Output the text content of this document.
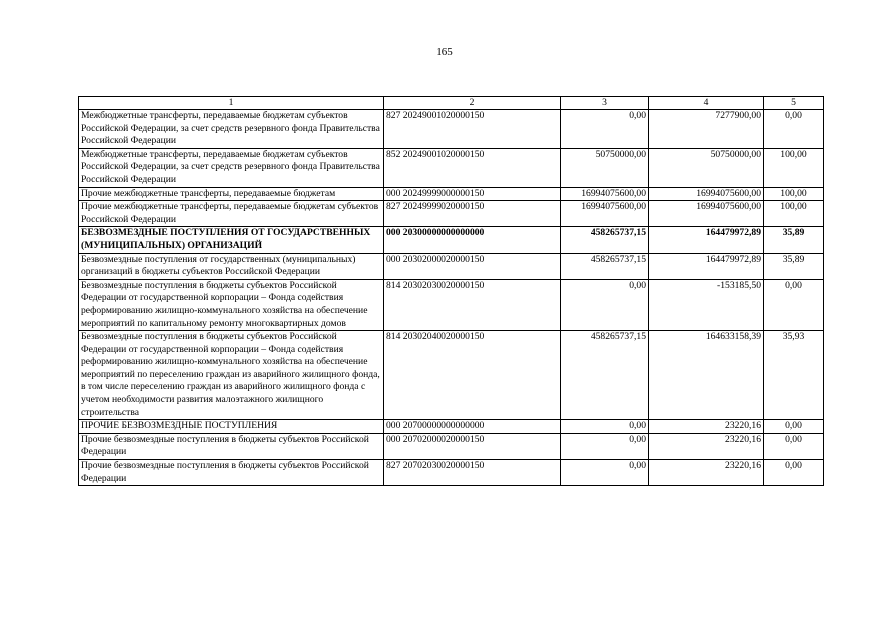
165
1	2	3	4	5
Межбюджетные трансферты, передаваемые бюджетам субъектов Российской Федерации, за счет средств резервного фонда Правительства Российской Федерации	827 20249001020000150	0,00	7277900,00	0,00
Межбюджетные трансферты, передаваемые бюджетам субъектов Российской Федерации, за счет средств резервного фонда Правительства Российской Федерации	852 20249001020000150	50750000,00	50750000,00	100,00
Прочие межбюджетные трансферты, передаваемые бюджетам	000 20249999000000150	16994075600,00	16994075600,00	100,00
Прочие межбюджетные трансферты, передаваемые бюджетам субъектов Российской Федерации	827 20249999020000150	16994075600,00	16994075600,00	100,00
БЕЗВОЗМЕЗДНЫЕ ПОСТУПЛЕНИЯ ОТ ГОСУДАРСТВЕННЫХ (МУНИЦИПАЛЬНЫХ) ОРГАНИЗАЦИЙ	000 20300000000000000	458265737,15	164479972,89	35,89
Безвозмездные поступления от государственных (муниципальных) организаций в бюджеты субъектов Российской Федерации	000 20302000020000150	458265737,15	164479972,89	35,89
Безвозмездные поступления в бюджеты субъектов Российской Федерации от государственной корпорации – Фонда содействия реформированию жилищно-коммунального хозяйства на обеспечение мероприятий по капитальному ремонту многоквартирных домов	814 20302030020000150	0,00	-153185,50	0,00
Безвозмездные поступления в бюджеты субъектов Российской Федерации от государственной корпорации – Фонда содействия реформированию жилищно-коммунального хозяйства на обеспечение мероприятий по переселению граждан из аварийного жилищного фонда, в том числе переселению граждан из аварийного жилищного фонда с учетом необходимости развития малоэтажного жилищного строительства	814 20302040020000150	458265737,15	164633158,39	35,93
ПРОЧИЕ БЕЗВОЗМЕЗДНЫЕ ПОСТУПЛЕНИЯ	000 20700000000000000	0,00	23220,16	0,00
Прочие безвозмездные поступления в бюджеты субъектов Российской Федерации	000 20702000020000150	0,00	23220,16	0,00
Прочие безвозмездные поступления в бюджеты субъектов Российской Федерации	827 20702030020000150	0,00	23220,16	0,00
